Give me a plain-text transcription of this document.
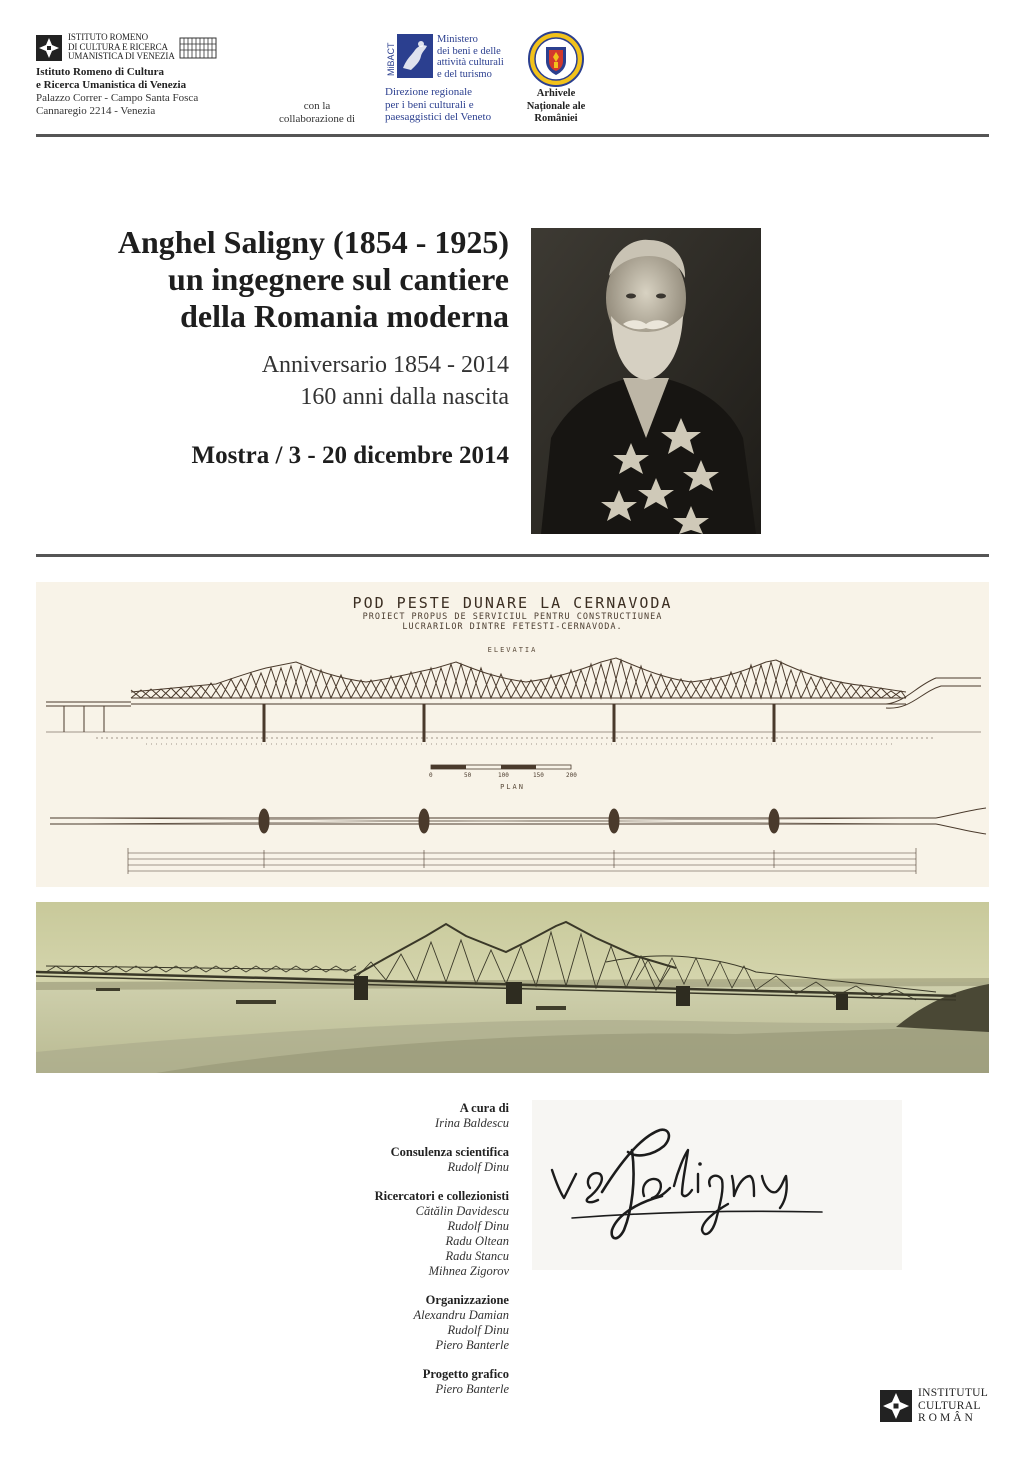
ISTITUTO ROMENO
DI CULTURA E RICERCA
UMANISTICA DI VENEZIA
Istituto Romeno di Cultura
e Ricerca Umanistica di Venezia
Palazzo Correr - Campo Santa Fosca
Cannaregio 2214 - Venezia	con la
collaborazione di
MiBACT
Ministero
dei beni e delle
attività culturali
e del turismo
Direzione regionale
per i beni culturali e
paesaggistici del Veneto
Arhivele
Naționale ale
României
Anghel Saligny (1854 - 1925)
un ingegnere sul cantiere
della Romania moderna
Anniversario 1854 - 2014
160 anni dalla nascita
Mostra / 3 - 20 dicembre 2014
POD PESTE DUNARE LA CERNAVODA
PROIECT PROPUS DE SERVICIUL PENTRU CONSTRUCTIUNEA
LUCRARILOR DINTRE FETESTI-CERNAVODA.
ELEVATIA
PLAN
0	50	100	150	200
A cura di
Irina Baldescu
Consulenza scientifica
Rudolf Dinu
Ricercatori e collezionisti
Cătălin Davidescu
Rudolf Dinu
Radu Oltean
Radu Stancu
Mihnea Zigorov
Organizzazione
Alexandru Damian
Rudolf Dinu
Piero Banterle
Progetto grafico
Piero Banterle	INSTITUTUL
CULTURAL
ROMÂN
